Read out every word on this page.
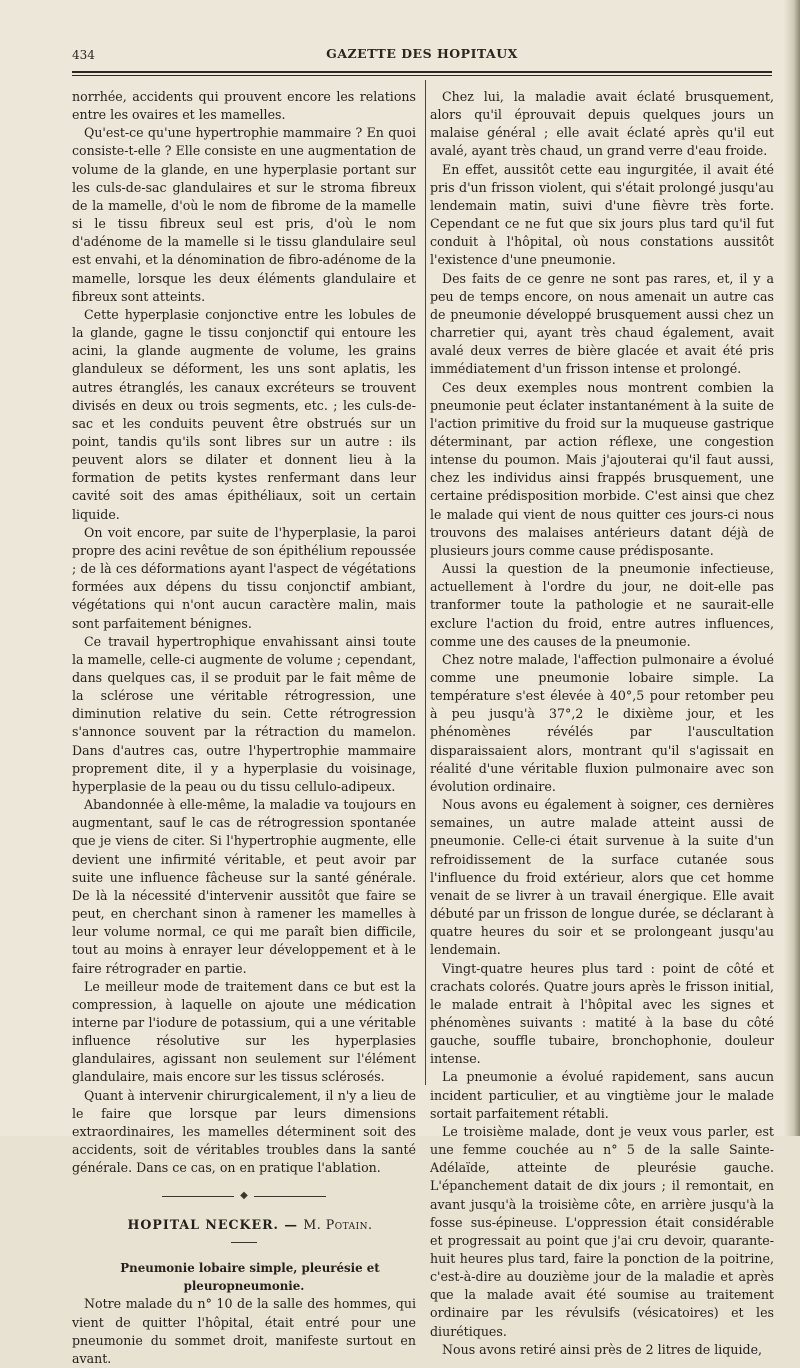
434	GAZETTE DES HOPITAUX

norrhée, accidents qui prouvent encore les relations entre les ovaires et les mamelles.

Qu'est-ce qu'une hypertrophie mammaire ? En quoi consiste-t-elle ? Elle consiste en une augmentation de volume de la glande, en une hyperplasie portant sur les culs-de-sac glandulaires et sur le stroma fibreux de la mamelle, d'où le nom de fibrome de la mamelle si le tissu fibreux seul est pris, d'où le nom d'adénome de la mamelle si le tissu glandulaire seul est envahi, et la dénomination de fibro-adénome de la mamelle, lorsque les deux éléments glandulaire et fibreux sont atteints.

Cette hyperplasie conjonctive entre les lobules de la glande, gagne le tissu conjonctif qui entoure les acini, la glande augmente de volume, les grains glanduleux se déforment, les uns sont aplatis, les autres étranglés, les canaux excréteurs se trouvent divisés en deux ou trois segments, etc. ; les culs-de-sac et les conduits peuvent être obstrués sur un point, tandis qu'ils sont libres sur un autre : ils peuvent alors se dilater et donnent lieu à la formation de petits kystes renfermant dans leur cavité soit des amas épithéliaux, soit un certain liquide.

On voit encore, par suite de l'hyperplasie, la paroi propre des acini revêtue de son épithélium repoussée ; de là ces déformations ayant l'aspect de végétations formées aux dépens du tissu conjonctif ambiant, végétations qui n'ont aucun caractère malin, mais sont parfaitement bénignes.

Ce travail hypertrophique envahissant ainsi toute la mamelle, celle-ci augmente de volume ; cependant, dans quelques cas, il se produit par le fait même de la sclérose une véritable rétrogression, une diminution relative du sein. Cette rétrogression s'annonce souvent par la rétraction du mamelon. Dans d'autres cas, outre l'hypertrophie mammaire proprement dite, il y a hyperplasie du voisinage, hyperplasie de la peau ou du tissu cellulo-adipeux.

Abandonnée à elle-même, la maladie va toujours en augmentant, sauf le cas de rétrogression spontanée que je viens de citer. Si l'hypertrophie augmente, elle devient une infirmité véritable, et peut avoir par suite une influence fâcheuse sur la santé générale. De là la nécessité d'intervenir aussitôt que faire se peut, en cherchant sinon à ramener les mamelles à leur volume normal, ce qui me paraît bien difficile, tout au moins à enrayer leur développement et à le faire rétrograder en partie.

Le meilleur mode de traitement dans ce but est la compression, à laquelle on ajoute une médication interne par l'iodure de potassium, qui a une véritable influence résolutive sur les hyperplasies glandulaires, agissant non seulement sur l'élément glandulaire, mais encore sur les tissus sclérosés.

Quant à intervenir chirurgicalement, il n'y a lieu de le faire que lorsque par leurs dimensions extraordinaires, les mamelles déterminent soit des accidents, soit de véritables troubles dans la santé générale. Dans ce cas, on en pratique l'ablation.

◆

HOPITAL NECKER. — M. Potain.

Pneumonie lobaire simple, pleurésie et pleuropneumonie.

Notre malade du n° 10 de la salle des hommes, qui vient de quitter l'hôpital, était entré pour une pneumonie du sommet droit, manifeste surtout en avant.

Chez lui, la maladie avait éclaté brusquement, alors qu'il éprouvait depuis quelques jours un malaise général ; elle avait éclaté après qu'il eut avalé, ayant très chaud, un grand verre d'eau froide.

En effet, aussitôt cette eau ingurgitée, il avait été pris d'un frisson violent, qui s'était prolongé jusqu'au lendemain matin, suivi d'une fièvre très forte. Cependant ce ne fut que six jours plus tard qu'il fut conduit à l'hôpital, où nous constations aussitôt l'existence d'une pneumonie.

Des faits de ce genre ne sont pas rares, et, il y a peu de temps encore, on nous amenait un autre cas de pneumonie développé brusquement aussi chez un charretier qui, ayant très chaud également, avait avalé deux verres de bière glacée et avait été pris immédiatement d'un frisson intense et prolongé.

Ces deux exemples nous montrent combien la pneumonie peut éclater instantanément à la suite de l'action primitive du froid sur la muqueuse gastrique déterminant, par action réflexe, une congestion intense du poumon. Mais j'ajouterai qu'il faut aussi, chez les individus ainsi frappés brusquement, une certaine prédisposition morbide. C'est ainsi que chez le malade qui vient de nous quitter ces jours-ci nous trouvons des malaises antérieurs datant déjà de plusieurs jours comme cause prédisposante.

Aussi la question de la pneumonie infectieuse, actuellement à l'ordre du jour, ne doit-elle pas tranformer toute la pathologie et ne saurait-elle exclure l'action du froid, entre autres influences, comme une des causes de la pneumonie.

Chez notre malade, l'affection pulmonaire a évolué comme une pneumonie lobaire simple. La température s'est élevée à 40°,5 pour retomber peu à peu jusqu'à 37°,2 le dixième jour, et les phénomènes révélés par l'auscultation disparaissaient alors, montrant qu'il s'agissait en réalité d'une véritable fluxion pulmonaire avec son évolution ordinaire.

Nous avons eu également à soigner, ces dernières semaines, un autre malade atteint aussi de pneumonie. Celle-ci était survenue à la suite d'un refroidissement de la surface cutanée sous l'influence du froid extérieur, alors que cet homme venait de se livrer à un travail énergique. Elle avait débuté par un frisson de longue durée, se déclarant à quatre heures du soir et se prolongeant jusqu'au lendemain.

Vingt-quatre heures plus tard : point de côté et crachats colorés. Quatre jours après le frisson initial, le malade entrait à l'hôpital avec les signes et phénomènes suivants : matité à la base du côté gauche, souffle tubaire, bronchophonie, douleur intense.

La pneumonie a évolué rapidement, sans aucun incident particulier, et au vingtième jour le malade sortait parfaitement rétabli.

Le troisième malade, dont je veux vous parler, est une femme couchée au n° 5 de la salle Sainte-Adélaïde, atteinte de pleurésie gauche. L'épanchement datait de dix jours ; il remontait, en avant jusqu'à la troisième côte, en arrière jusqu'à la fosse sus-épineuse. L'oppression était considérable et progressait au point que j'ai cru devoir, quarante-huit heures plus tard, faire la ponction de la poitrine, c'est-à-dire au douzième jour de la maladie et après que la malade avait été soumise au traitement ordinaire par les révulsifs (vésicatoires) et les diurétiques.

Nous avons retiré ainsi près de 2 litres de liquide,
